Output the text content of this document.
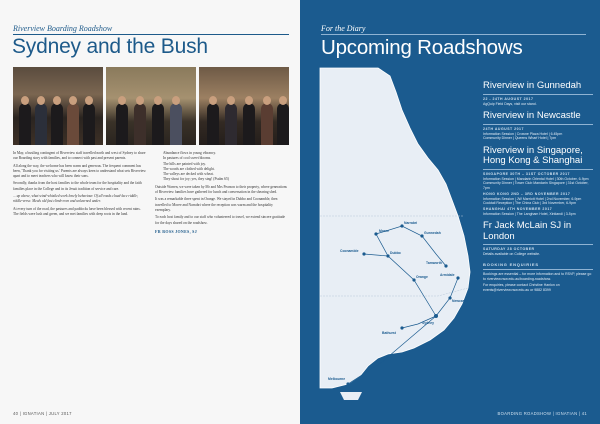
Riverview Boarding Roadshow
Sydney and the Bush

In May, a bustling contingent of Riverview staff travelled north and west of Sydney to share our Boarding story with families, and to connect with past and present parents.

All along the way, the welcome has been warm and generous. The frequent comment has been, 'Thank you for visiting us.' Parents are always keen to understand what sets Riverview apart and to meet teachers who will know their sons.

Secondly, thanks from the host families to the whole team for the hospitality and the faith families place in the College and in its Jesuit tradition of service and care.

... up above, what wind-whistled work lonely behaviour. Of all roads cloud-lace riddle; riddle-verse. Meals old fast climb-even and unlearned under.

At every turn of the road, the pastures and paddocks have been blessed with recent rains. The fields were lush and green, and we met families with deep roots in the land.

Abundance flows in young vibrancy.

In pastures of cool sweet blooms.

The hills are painted with joy.

The woods are clothed with delight.

The valleys are decked with wheat.

They shout for joy; yes, they sing! (Psalm 65)

Outside Warren, we were taken by Mr and Mrs Pearson to their property, where generations of Riverview families have gathered for lunch and conversation in the shearing shed.

It was a remarkable three spent in Orange. We stayed in Dubbo and Coonamble, then travelled to Moree and Narrabri where the reception was warm and the hospitality exemplary.

To each host family and to our staff who volunteered to travel, we extend sincere gratitude for the days shared on the roadshow.

FR ROSS JONES, SJ
40 | IGNATIAN | JULY 2017
For the Diary
Upcoming Roadshows
Moree
Narrabri
Gunnedah
Dubbo
Coonamble
Orange
Bathurst
Sydney
Tamworth
Armidale
Newcastle
Melbourne
Riverview in Gunnedah
22 - 24TH AUGUST 2017
AgQuip Field Days, visit our stand.
Riverview in Newcastle
24TH AUGUST 2017
Information Session | Crowne Plaza Hotel | 6.45pm
Community Dinner | Queens Wharf Hotel | 7pm
Riverview in Singapore, Hong Kong & Shanghai
SINGAPORE 30TH – 31ST OCTOBER 2017
Information Session | Mandarin Oriental Hotel | 30th October, 6-9pm
Community Dinner | Tower Club Mandarin Singapore | 31st October, 7pm
HONG KONG 2ND – 3RD NOVEMBER 2017
Information Session | JW Marriott Hotel | 2nd November, 6-9pm
Cocktail Reception | The China Club | 3rd November, 6-9pm
SHANGHAI 4TH NOVEMBER 2017
Information Session | The Langham Hotel, Xintiandi | 3-5pm
Fr Jack McLain SJ in London
SATURDAY 28 OCTOBER
Details available on College website.
BOOKING ENQUIRIES
Bookings are essential – for more information and to RSVP, please go to riverview.nsw.edu.au/boarding-roadshow.
For enquiries, please contact Christine Hanlon on events@riverview.nsw.edu.au or 9882 8399
BOARDING ROADSHOW | IGNATIAN | 41
